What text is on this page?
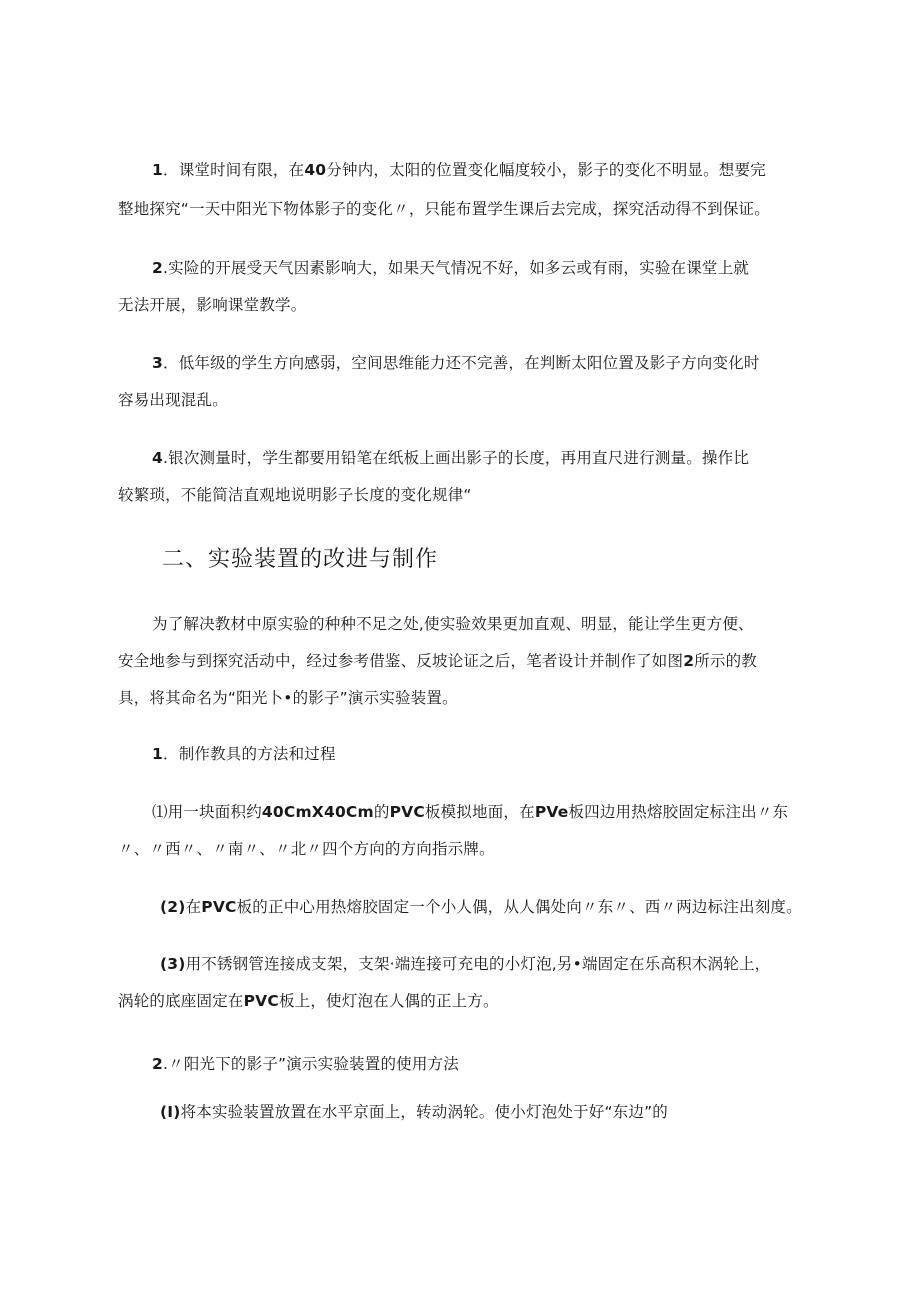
1．课堂时间有限，在40分钟内，太阳的位置变化幅度较小，影子的变化不明显。想要完
整地探究“一天中阳光下物体影子的变化〃，只能布置学生课后去完成，探究活动得不到保证。
2.实险的开展受天气因素影响大，如果天气情况不好，如多云或有雨，实验在课堂上就
无法开展，影响课堂教学。
3．低年级的学生方向感弱，空间思维能力还不完善，在判断太阳位置及影子方向变化时
容易出现混乱。
4.银次测量时，学生都要用铅笔在纸板上画出影子的长度，再用直尺进行测量。操作比
较繁琐，不能简洁直观地说明影子长度的变化规律“
二、实验装置的改进与制作
为了解决教材中原实验的种种不足之处,使实验效果更加直观、明显，能让学生更方便、
安全地参与到探究活动中，经过参考借鉴、反坡论证之后，笔者设计并制作了如图2所示的教
具，将其命名为“阳光卜•的影子”演示实验装置。
1．制作教具的方法和过程
⑴用一块面积约40CmX40Cm的PVC板模拟地面，在PVe板四边用热熔胶固定标注出〃东
〃、〃西〃、〃南〃、〃北〃四个方向的方向指示牌。
(2)在PVC板的正中心用热熔胶固定一个小人偶，从人偶处向〃东〃、西〃两边标注出刻度。
(3)用不锈钢管连接成支架，支架·端连接可充电的小灯泡,另•端固定在乐高积木涡轮上，
涡轮的底座固定在PVC板上，使灯泡在人偶的正上方。
2.〃阳光下的影子”演示实验装置的使用方法
(I)将本实验装置放置在水平京面上，转动涡轮。使小灯泡处于好“东边”的
